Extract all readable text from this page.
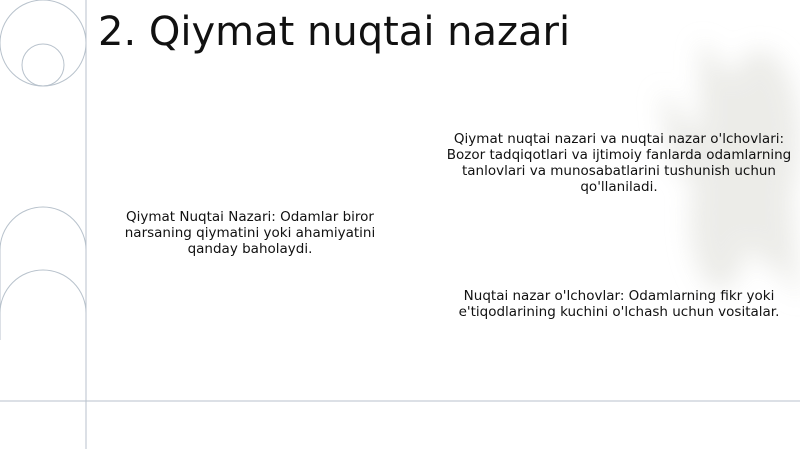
2. Qiymat nuqtai nazari
Qiymat Nuqtai Nazari: Odamlar biror narsaning qiymatini yoki ahamiyatini qanday baholaydi.
Qiymat nuqtai nazari va nuqtai nazar o'lchovlari: Bozor tadqiqotlari va ijtimoiy fanlarda odamlarning tanlovlari va munosabatlarini tushunish uchun qo'llaniladi.
Nuqtai nazar o'lchovlar: Odamlarning fikr yoki e'tiqodlarining kuchini o'lchash uchun vositalar.
